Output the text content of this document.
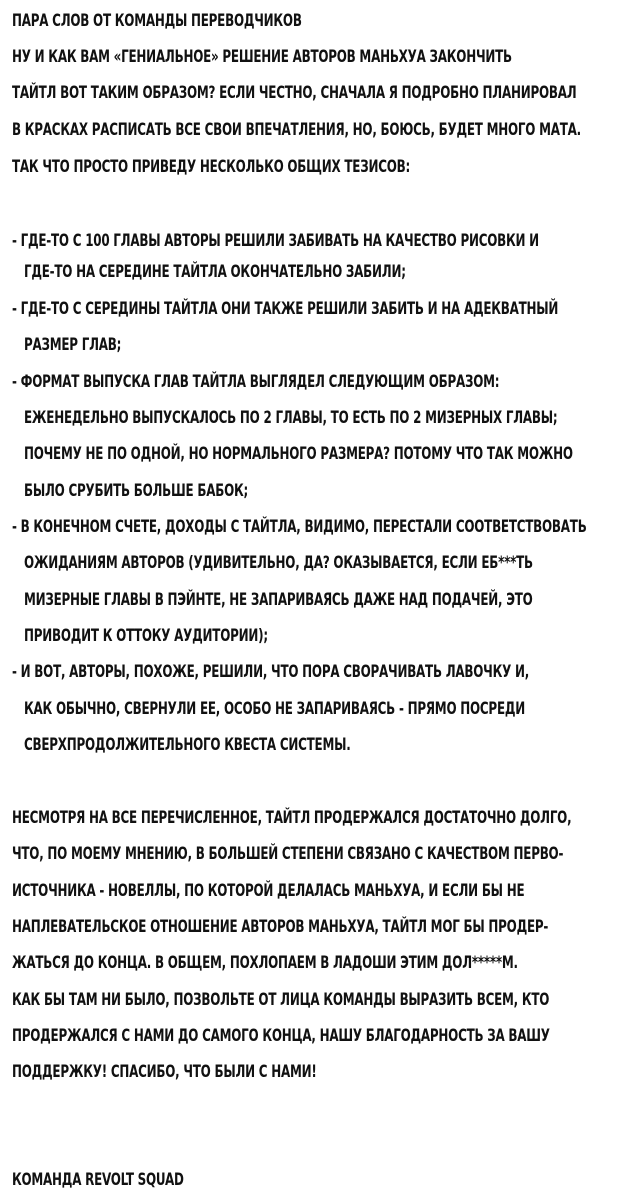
ПАРА СЛОВ ОТ КОМАНДЫ ПЕРЕВОДЧИКОВ
НУ И КАК ВАМ «ГЕНИАЛЬНОЕ» РЕШЕНИЕ АВТОРОВ МАНЬХУА ЗАКОНЧИТЬ
ТАЙТЛ ВОТ ТАКИМ ОБРАЗОМ? ЕСЛИ ЧЕСТНО, СНАЧАЛА Я ПОДРОБНО ПЛАНИРОВАЛ
В КРАСКАХ РАСПИСАТЬ ВСЕ СВОИ ВПЕЧАТЛЕНИЯ, НО, БОЮСЬ, БУДЕТ МНОГО МАТА.
ТАК ЧТО ПРОСТО ПРИВЕДУ НЕСКОЛЬКО ОБЩИХ ТЕЗИСОВ:
- ГДЕ-ТО С 100 ГЛАВЫ АВТОРЫ РЕШИЛИ ЗАБИВАТЬ НА КАЧЕСТВО РИСОВКИ И
ГДЕ-ТО НА СЕРЕДИНЕ ТАЙТЛА ОКОНЧАТЕЛЬНО ЗАБИЛИ;
- ГДЕ-ТО С СЕРЕДИНЫ ТАЙТЛА ОНИ ТАКЖЕ РЕШИЛИ ЗАБИТЬ И НА АДЕКВАТНЫЙ
РАЗМЕР ГЛАВ;
- ФОРМАТ ВЫПУСКА ГЛАВ ТАЙТЛА ВЫГЛЯДЕЛ СЛЕДУЮЩИМ ОБРАЗОМ:
ЕЖЕНЕДЕЛЬНО ВЫПУСКАЛОСЬ ПО 2 ГЛАВЫ, ТО ЕСТЬ ПО 2 МИЗЕРНЫХ ГЛАВЫ;
ПОЧЕМУ НЕ ПО ОДНОЙ, НО НОРМАЛЬНОГО РАЗМЕРА? ПОТОМУ ЧТО ТАК МОЖНО
БЫЛО СРУБИТЬ БОЛЬШЕ БАБОК;
- В КОНЕЧНОМ СЧЕТЕ, ДОХОДЫ С ТАЙТЛА, ВИДИМО, ПЕРЕСТАЛИ СООТВЕТСТВОВАТЬ
ОЖИДАНИЯМ АВТОРОВ (УДИВИТЕЛЬНО, ДА? ОКАЗЫВАЕТСЯ, ЕСЛИ ЕБ***ТЬ
МИЗЕРНЫЕ ГЛАВЫ В ПЭЙНТЕ, НЕ ЗАПАРИВАЯСЬ ДАЖЕ НАД ПОДАЧЕЙ, ЭТО
ПРИВОДИТ К ОТТОКУ АУДИТОРИИ);
- И ВОТ, АВТОРЫ, ПОХОЖЕ, РЕШИЛИ, ЧТО ПОРА СВОРАЧИВАТЬ ЛАВОЧКУ И,
КАК ОБЫЧНО, СВЕРНУЛИ ЕЕ, ОСОБО НЕ ЗАПАРИВАЯСЬ - ПРЯМО ПОСРЕДИ
СВЕРХПРОДОЛЖИТЕЛЬНОГО КВЕСТА СИСТЕМЫ.
НЕСМОТРЯ НА ВСЕ ПЕРЕЧИСЛЕННОЕ, ТАЙТЛ ПРОДЕРЖАЛСЯ ДОСТАТОЧНО ДОЛГО,
ЧТО, ПО МОЕМУ МНЕНИЮ, В БОЛЬШЕЙ СТЕПЕНИ СВЯЗАНО С КАЧЕСТВОМ ПЕРВО-
ИСТОЧНИКА - НОВЕЛЛЫ, ПО КОТОРОЙ ДЕЛАЛАСЬ МАНЬХУА, И ЕСЛИ БЫ НЕ
НАПЛЕВАТЕЛЬСКОЕ ОТНОШЕНИЕ АВТОРОВ МАНЬХУА, ТАЙТЛ МОГ БЫ ПРОДЕР-
ЖАТЬСЯ ДО КОНЦА. В ОБЩЕМ, ПОХЛОПАЕМ В ЛАДОШИ ЭТИМ ДОЛ*****М.
КАК БЫ ТАМ НИ БЫЛО, ПОЗВОЛЬТЕ ОТ ЛИЦА КОМАНДЫ ВЫРАЗИТЬ ВСЕМ, КТО
ПРОДЕРЖАЛСЯ С НАМИ ДО САМОГО КОНЦА, НАШУ БЛАГОДАРНОСТЬ ЗА ВАШУ
ПОДДЕРЖКУ! СПАСИБО, ЧТО БЫЛИ С НАМИ!
КОМАНДА REVOLT SQUAD
